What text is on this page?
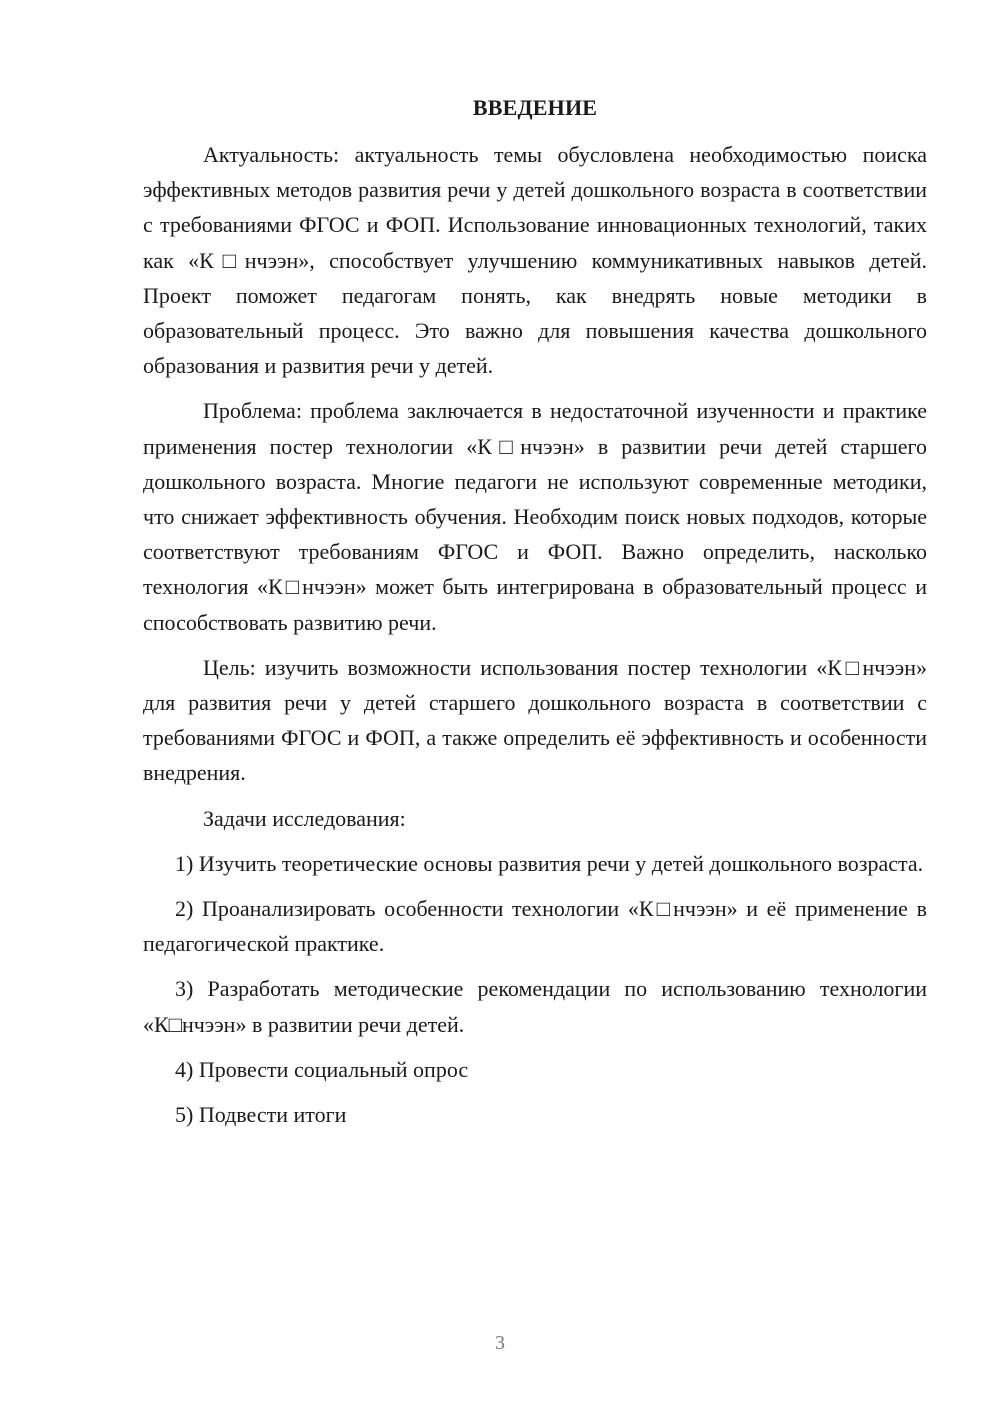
ВВЕДЕНИЕ

Актуальность: актуальность темы обусловлена необходимостью поиска эффективных методов развития речи у детей дошкольного возраста в соответствии с требованиями ФГОС и ФОП. Использование инновационных технологий, таких как «К□нчээн», способствует улучшению коммуникативных навыков детей. Проект поможет педагогам понять, как внедрять новые методики в образовательный процесс. Это важно для повышения качества дошкольного образования и развития речи у детей.

Проблема: проблема заключается в недостаточной изученности и практике применения постер технологии «К□нчээн» в развитии речи детей старшего дошкольного возраста. Многие педагоги не используют современные методики, что снижает эффективность обучения. Необходим поиск новых подходов, которые соответствуют требованиям ФГОС и ФОП. Важно определить, насколько технология «К□нчээн» может быть интегрирована в образовательный процесс и способствовать развитию речи.

Цель: изучить возможности использования постер технологии «К□нчээн» для развития речи у детей старшего дошкольного возраста в соответствии с требованиями ФГОС и ФОП, а также определить её эффективность и особенности внедрения.

Задачи исследования:

1) Изучить теоретические основы развития речи у детей дошкольного возраста.

2) Проанализировать особенности технологии «К□нчээн» и её применение в педагогической практике.

3) Разработать методические рекомендации по использованию технологии «К□нчээн» в развитии речи детей.

4) Провести социальный опрос

5) Подвести итоги

3
